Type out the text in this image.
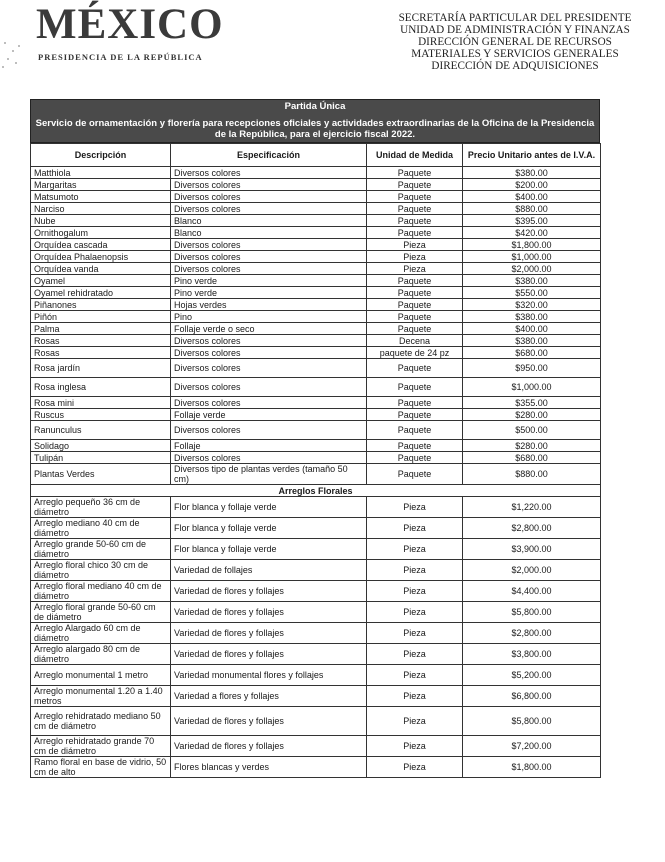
MÉXICO
PRESIDENCIA DE LA REPÚBLICA
SECRETARÍA PARTICULAR DEL PRESIDENTE
UNIDAD DE ADMINISTRACIÓN Y FINANZAS
DIRECCIÓN GENERAL DE RECURSOS
MATERIALES Y SERVICIOS GENERALES
DIRECCIÓN DE ADQUISICIONES
Partida Única
Servicio de ornamentación y florería para recepciones oficiales y actividades extraordinarias de la Oficina de la Presidencia de la República, para el ejercicio fiscal 2022.
Descripción	Especificación	Unidad de Medida	Precio Unitario antes de I.V.A.
Matthiola	Diversos colores	Paquete	$380.00
Margaritas	Diversos colores	Paquete	$200.00
Matsumoto	Diversos colores	Paquete	$400.00
Narciso	Diversos colores	Paquete	$880.00
Nube	Blanco	Paquete	$395.00
Ornithogalum	Blanco	Paquete	$420.00
Orquídea cascada	Diversos colores	Pieza	$1,800.00
Orquídea Phalaenopsis	Diversos colores	Pieza	$1,000.00
Orquídea vanda	Diversos colores	Pieza	$2,000.00
Oyamel	Pino verde	Paquete	$380.00
Oyamel rehidratado	Pino verde	Paquete	$550.00
Piñanones	Hojas verdes	Paquete	$320.00
Piñón	Pino	Paquete	$380.00
Palma	Follaje verde o seco	Paquete	$400.00
Rosas	Diversos colores	Decena	$380.00
Rosas	Diversos colores	paquete de 24 pz	$680.00
Rosa jardín	Diversos colores	Paquete	$950.00
Rosa inglesa	Diversos colores	Paquete	$1,000.00
Rosa mini	Diversos colores	Paquete	$355.00
Ruscus	Follaje verde	Paquete	$280.00
Ranunculus	Diversos colores	Paquete	$500.00
Solidago	Follaje	Paquete	$280.00
Tulipán	Diversos colores	Paquete	$680.00
Plantas Verdes	Diversos tipo de plantas verdes (tamaño 50 cm)	Paquete	$880.00
Arreglos Florales			
Arreglo pequeño 36 cm de diámetro	Flor blanca y follaje verde	Pieza	$1,220.00
Arreglo mediano 40 cm de diámetro	Flor blanca y follaje verde	Pieza	$2,800.00
Arreglo grande 50-60 cm de diámetro	Flor blanca y follaje verde	Pieza	$3,900.00
Arreglo floral chico 30 cm de diámetro	Variedad de follajes	Pieza	$2,000.00
Arreglo floral mediano 40 cm de diámetro	Variedad de flores y follajes	Pieza	$4,400.00
Arreglo floral grande 50-60 cm de diámetro	Variedad de flores y follajes	Pieza	$5,800.00
Arreglo Alargado 60 cm de diámetro	Variedad de flores y follajes	Pieza	$2,800.00
Arreglo alargado 80 cm de diámetro	Variedad de flores y follajes	Pieza	$3,800.00
Arreglo monumental 1 metro	Variedad monumental flores y follajes	Pieza	$5,200.00
Arreglo monumental 1.20 a 1.40 metros	Variedad a flores y follajes	Pieza	$6,800.00
Arreglo rehidratado mediano 50 cm de diámetro	Variedad de flores y follajes	Pieza	$5,800.00
Arreglo rehidratado grande 70 cm de diámetro	Variedad de flores y follajes	Pieza	$7,200.00
Ramo floral en base de vidrio, 50 cm de alto	Flores blancas y verdes	Pieza	$1,800.00
